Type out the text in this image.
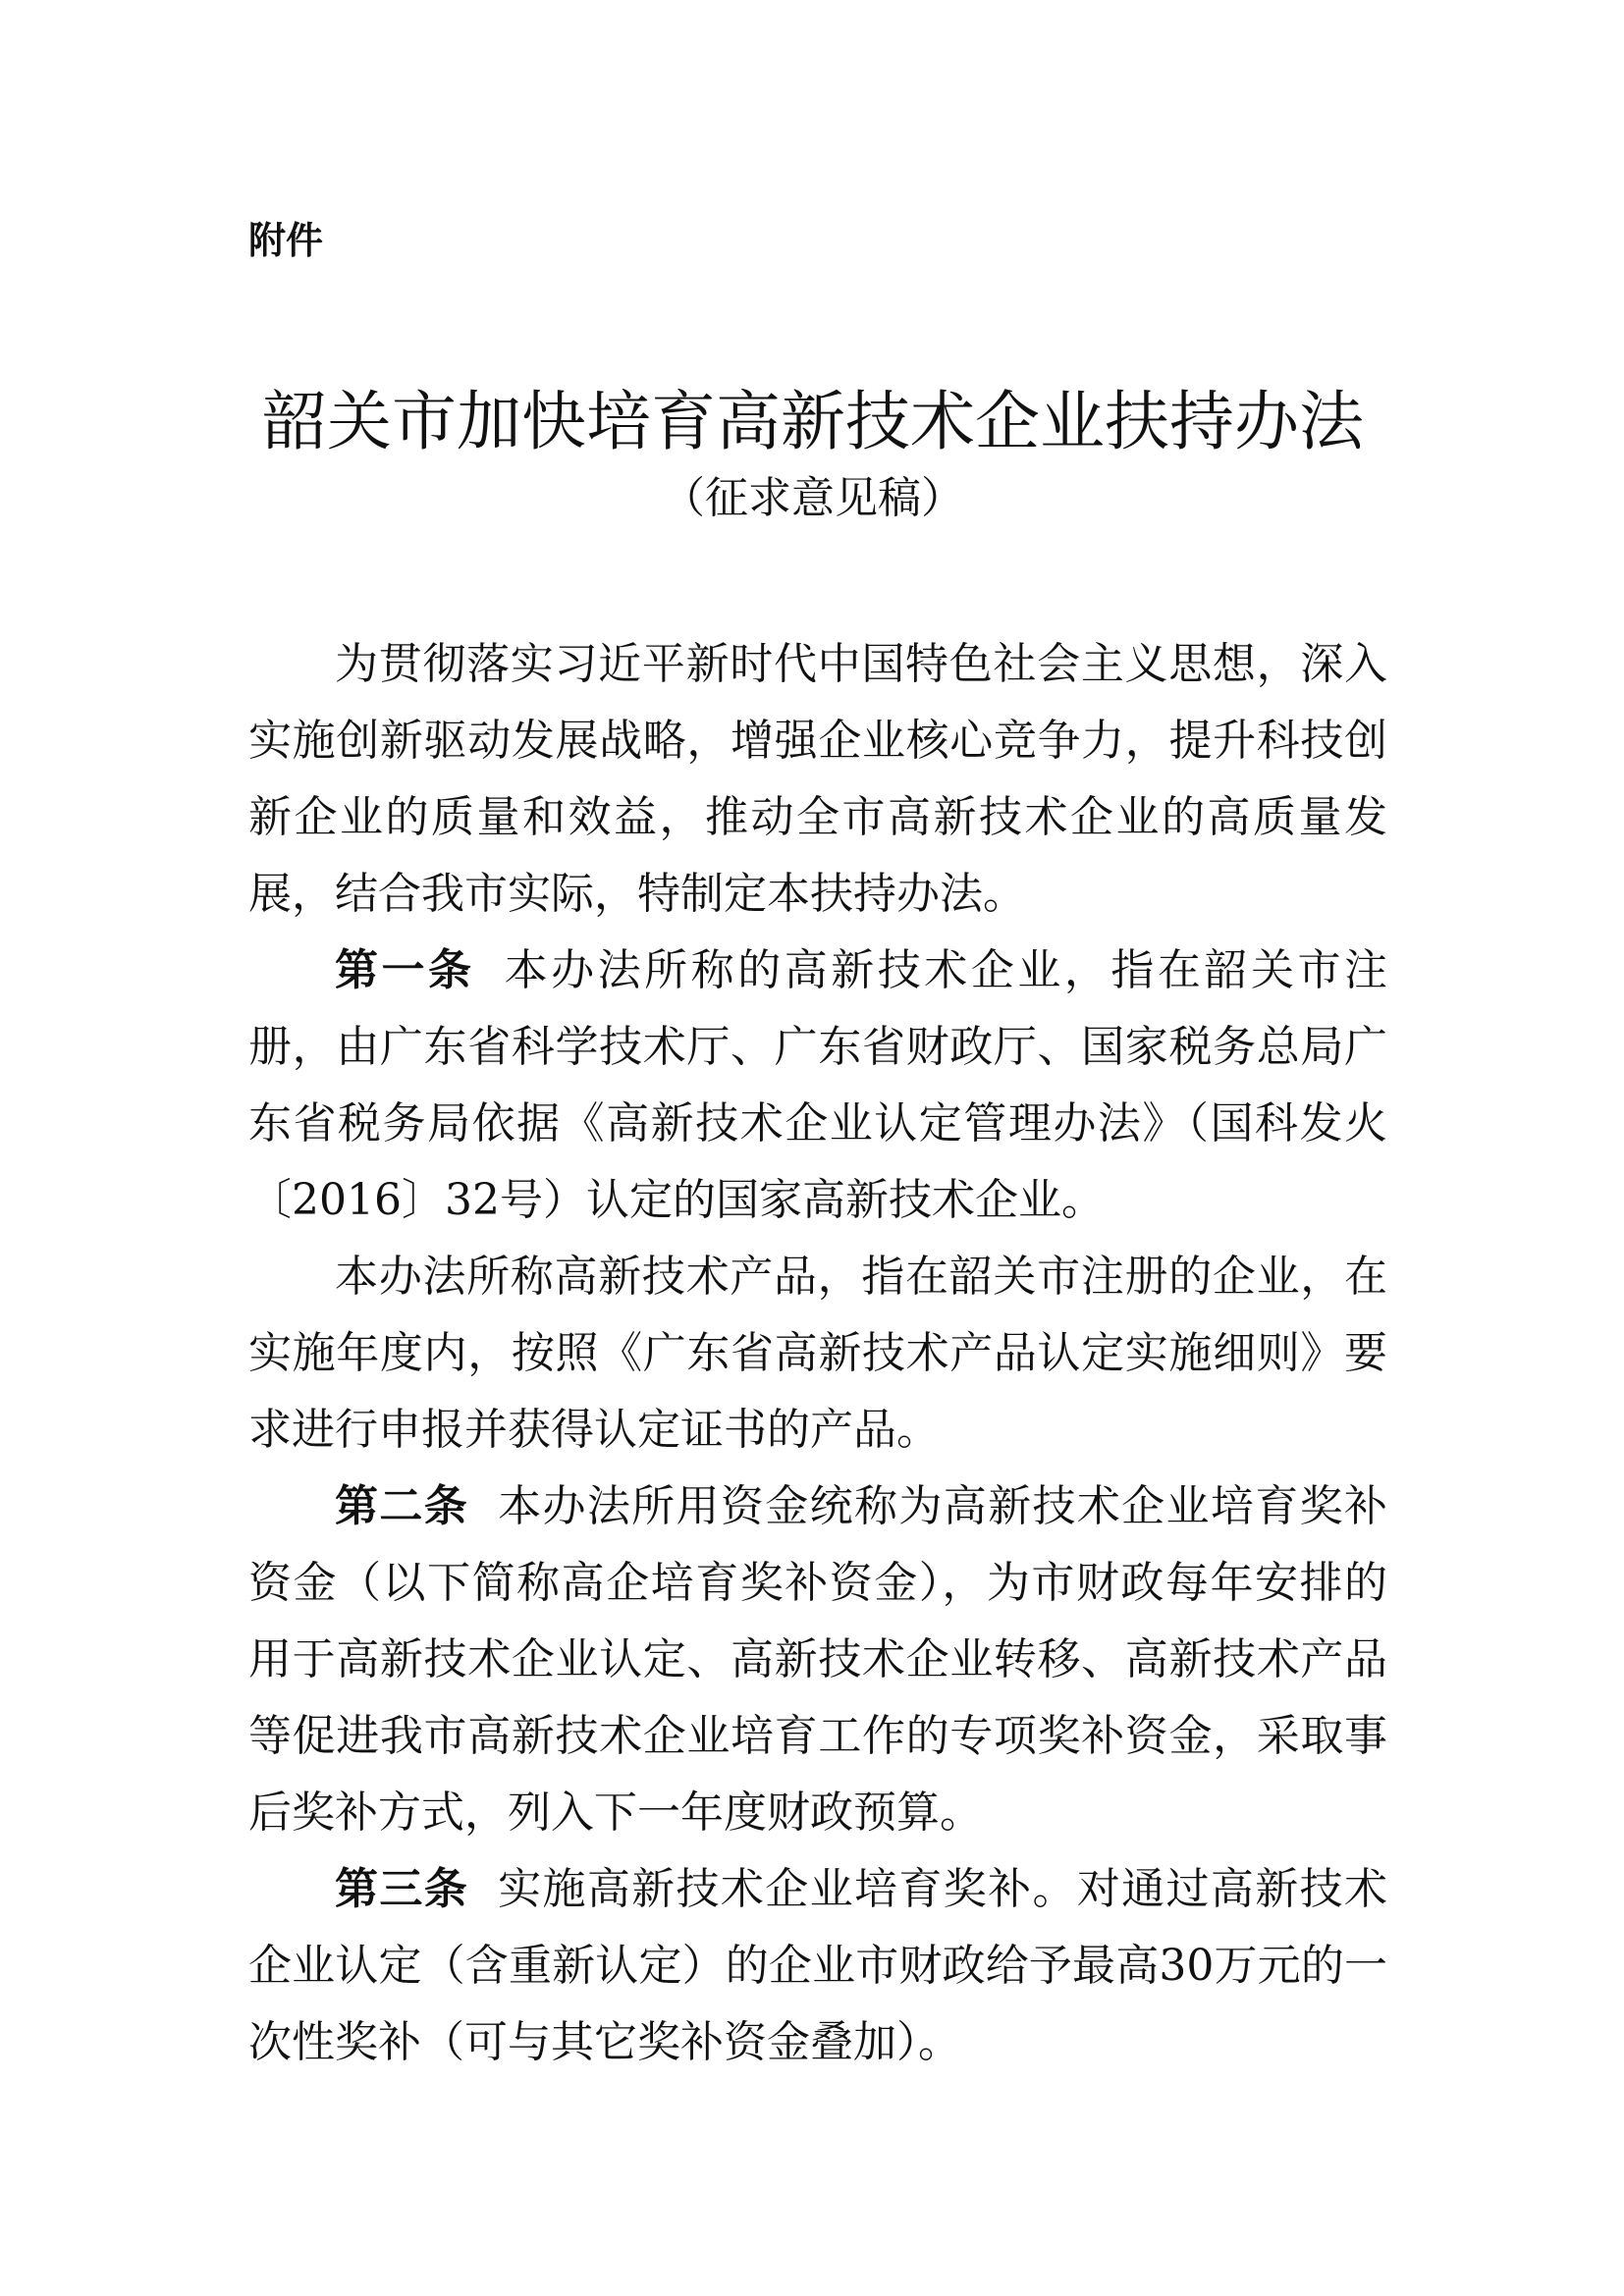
附件
韶关市加快培育高新技术企业扶持办法
（征求意见稿）

为贯彻落实习近平新时代中国特色社会主义思想，深入实施创新驱动发展战略，增强企业核心竞争力，提升科技创新企业的质量和效益，推动全市高新技术企业的高质量发展，结合我市实际，特制定本扶持办法。

第一条 本办法所称的高新技术企业，指在韶关市注册，由广东省科学技术厅、广东省财政厅、国家税务总局广东省税务局依据《高新技术企业认定管理办法》（国科发火〔2016〕32号）认定的国家高新技术企业。

本办法所称高新技术产品，指在韶关市注册的企业，在实施年度内，按照《广东省高新技术产品认定实施细则》要求进行申报并获得认定证书的产品。

第二条 本办法所用资金统称为高新技术企业培育奖补资金（以下简称高企培育奖补资金），为市财政每年安排的用于高新技术企业认定、高新技术企业转移、高新技术产品等促进我市高新技术企业培育工作的专项奖补资金，采取事后奖补方式，列入下一年度财政预算。

第三条 实施高新技术企业培育奖补。对通过高新技术企业认定（含重新认定）的企业市财政给予最高30万元的一次性奖补（可与其它奖补资金叠加）。
